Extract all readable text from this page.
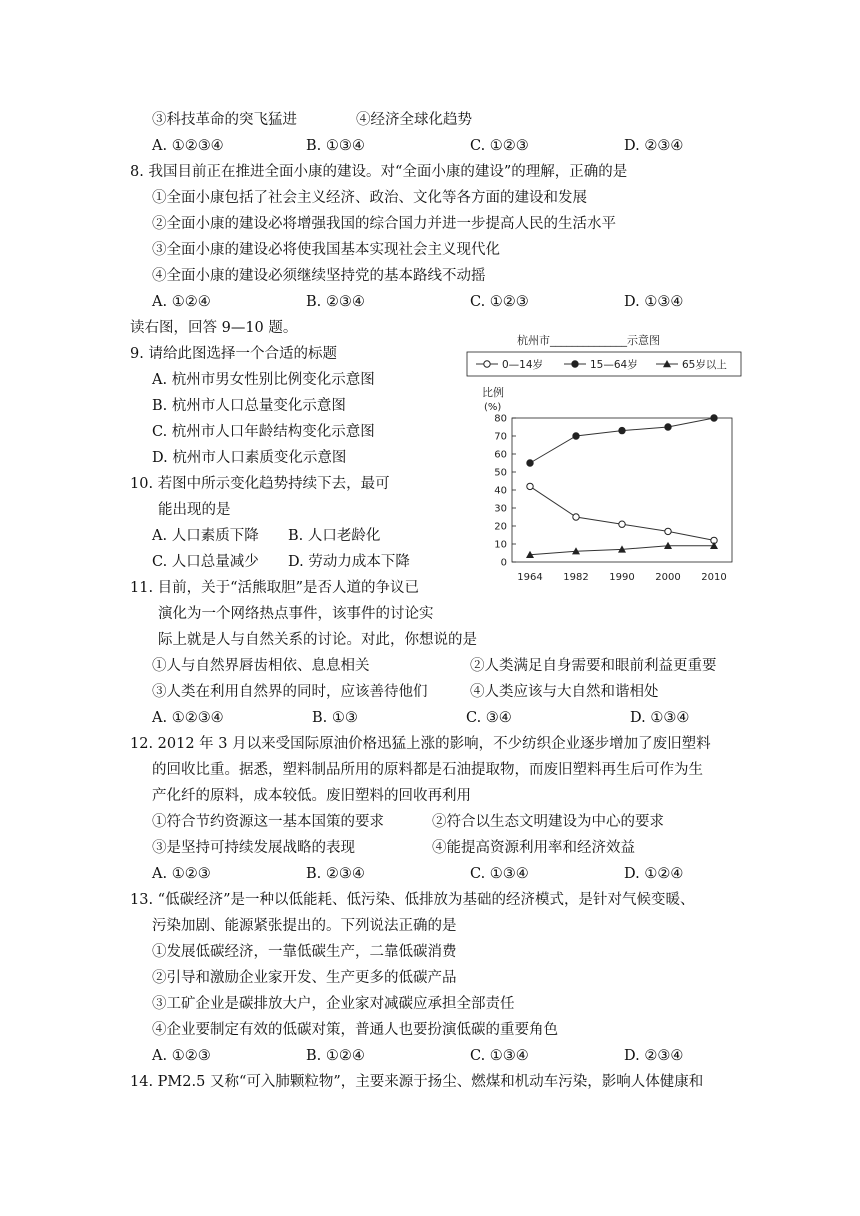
③科技革命的突飞猛进	④经济全球化趋势
A. ①②③④	B. ①③④	C. ①②③	D. ②③④
8. 我国目前正在推进全面小康的建设。对“全面小康的建设”的理解，正确的是
①全面小康包括了社会主义经济、政治、文化等各方面的建设和发展
②全面小康的建设必将增强我国的综合国力并进一步提高人民的生活水平
③全面小康的建设必将使我国基本实现社会主义现代化
④全面小康的建设必须继续坚持党的基本路线不动摇
A. ①②④	B. ②③④	C. ①②③	D. ①③④
读右图，回答 9—10 题。
9. 请给此图选择一个合适的标题
A. 杭州市男女性别比例变化示意图
B. 杭州市人口总量变化示意图
C. 杭州市人口年龄结构变化示意图
D. 杭州市人口素质变化示意图
10. 若图中所示变化趋势持续下去，最可
能出现的是
A. 人口素质下降 B. 人口老龄化
C. 人口总量减少 D. 劳动力成本下降
11. 目前，关于“活熊取胆”是否人道的争议已
演化为一个网络热点事件，该事件的讨论实
际上就是人与自然关系的讨论。对此，你想说的是
①人与自然界唇齿相依、息息相关	②人类满足自身需要和眼前利益更重要
③人类在利用自然界的同时，应该善待他们	④人类应该与大自然和谐相处
A. ①②③④	B. ①③	C. ③④	D. ①③④
12. 2012 年 3 月以来受国际原油价格迅猛上涨的影响，不少纺织企业逐步增加了废旧塑料
的回收比重。据悉，塑料制品所用的原料都是石油提取物，而废旧塑料再生后可作为生
产化纤的原料，成本较低。废旧塑料的回收再利用
①符合节约资源这一基本国策的要求	②符合以生态文明建设为中心的要求
③是坚持可持续发展战略的表现	④能提高资源利用率和经济效益
A. ①②③	B. ②③④	C. ①③④	D. ①②④
13. “低碳经济”是一种以低能耗、低污染、低排放为基础的经济模式，是针对气候变暖、
污染加剧、能源紧张提出的。下列说法正确的是
①发展低碳经济，一靠低碳生产，二靠低碳消费
②引导和激励企业家开发、生产更多的低碳产品
③工矿企业是碳排放大户，企业家对减碳应承担全部责任
④企业要制定有效的低碳对策，普通人也要扮演低碳的重要角色
A. ①②③	B. ①②④	C. ①③④	D. ②③④
14. PM2.5 又称“可入肺颗粒物”，主要来源于扬尘、燃煤和机动车污染，影响人体健康和
杭州市______________示意图
0—14岁	15—64岁	65岁以上
比例
(%)
0
10
20
30
40
50
60
70
80
1964 1982 1990 2000 2010
